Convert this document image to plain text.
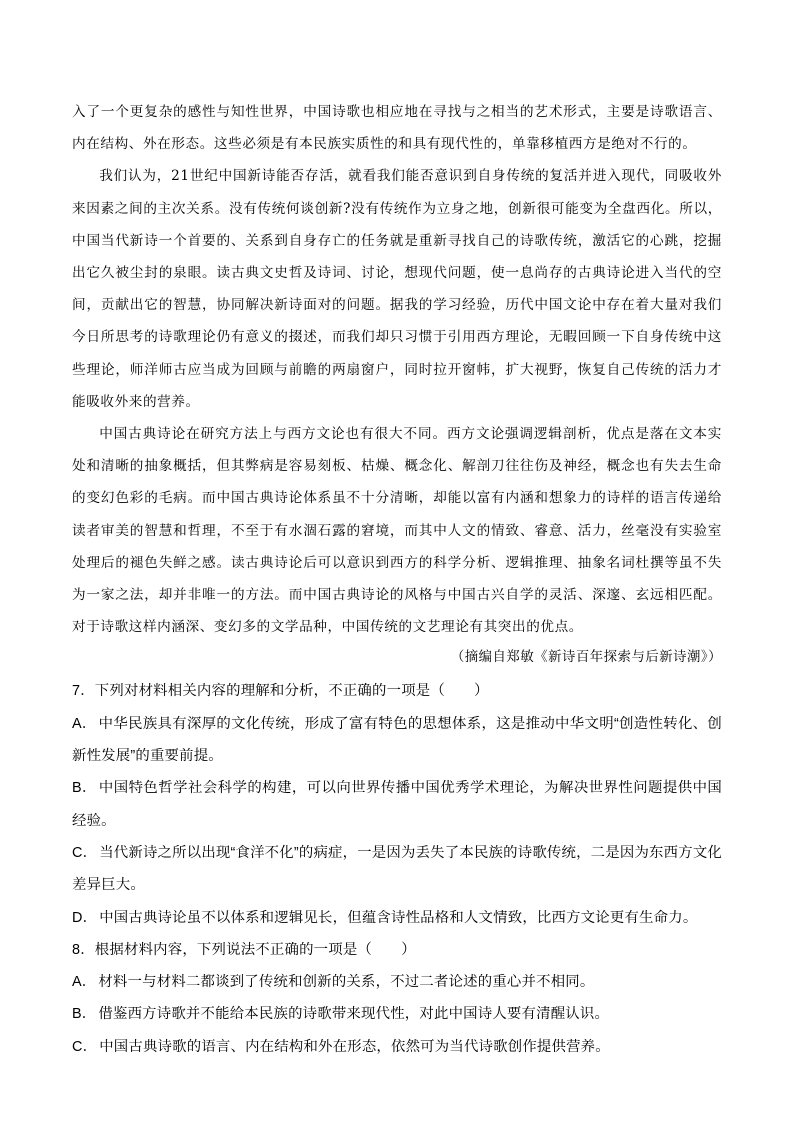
入了一个更复杂的感性与知性世界，中国诗歌也相应地在寻找与之相当的艺术形式，主要是诗歌语言、内在结构、外在形态。这些必须是有本民族实质性的和具有现代性的，单靠移植西方是绝对不行的。

我们认为，21世纪中国新诗能否存活，就看我们能否意识到自身传统的复活并进入现代，同吸收外来因素之间的主次关系。没有传统何谈创新?没有传统作为立身之地，创新很可能变为全盘西化。所以，中国当代新诗一个首要的、关系到自身存亡的任务就是重新寻找自己的诗歌传统，激活它的心跳，挖掘出它久被尘封的泉眼。读古典文史哲及诗词、讨论，想现代问题，使一息尚存的古典诗论进入当代的空间，贡献出它的智慧，协同解决新诗面对的问题。据我的学习经验，历代中国文论中存在着大量对我们今日所思考的诗歌理论仍有意义的掇述，而我们却只习惯于引用西方理论，无暇回顾一下自身传统中这些理论，师洋师古应当成为回顾与前瞻的两扇窗户，同时拉开窗帏，扩大视野，恢复自己传统的活力才能吸收外来的营养。

中国古典诗论在研究方法上与西方文论也有很大不同。西方文论强调逻辑剖析，优点是落在文本实处和清晰的抽象概括，但其弊病是容易刻板、枯燥、概念化、解剖刀往往伤及神经，概念也有失去生命的变幻色彩的毛病。而中国古典诗论体系虽不十分清晰，却能以富有内涵和想象力的诗样的语言传递给读者审美的智慧和哲理，不至于有水涸石露的窘境，而其中人文的情致、睿意、活力，丝毫没有实验室处理后的褪色失鲜之感。读古典诗论后可以意识到西方的科学分析、逻辑推理、抽象名词杜撰等虽不失为一家之法，却并非唯一的方法。而中国古典诗论的风格与中国古兴自学的灵活、深邃、玄远相匹配。对于诗歌这样内涵深、变幻多的文学品种，中国传统的文艺理论有其突出的优点。

（摘编自郑敏《新诗百年探索与后新诗潮》）

7．下列对材料相关内容的理解和分析，不正确的一项是（　　）

A． 中华民族具有深厚的文化传统，形成了富有特色的思想体系，这是推动中华文明“创造性转化、创新性发展”的重要前提。

B． 中国特色哲学社会科学的构建，可以向世界传播中国优秀学术理论，为解决世界性问题提供中国经验。

C． 当代新诗之所以出现“食洋不化”的病症，一是因为丢失了本民族的诗歌传统，二是因为东西方文化差异巨大。

D． 中国古典诗论虽不以体系和逻辑见长，但蕴含诗性品格和人文情致，比西方文论更有生命力。

8．根据材料内容，下列说法不正确的一项是（　　）

A． 材料一与材料二都谈到了传统和创新的关系，不过二者论述的重心并不相同。

B． 借鉴西方诗歌并不能给本民族的诗歌带来现代性，对此中国诗人要有清醒认识。

C． 中国古典诗歌的语言、内在结构和外在形态，依然可为当代诗歌创作提供营养。
